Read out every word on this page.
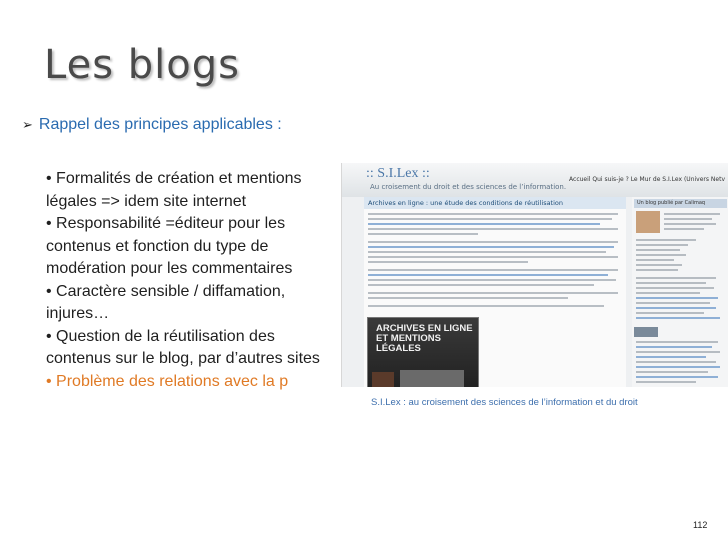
Les blogs
➢ Rappel des principes applicables :

• Formalités de création et mentions légales => idem site internet

• Responsabilité =éditeur pour les contenus et fonction du type de modération pour les commentaires

• Caractère sensible / diffamation, injures…

• Question de la réutilisation des contenus sur le blog, par d’autres sites

• Problème des relations avec la p

:: S.I.Lex ::
Au croisement du droit et des sciences de l’information.
Accueil Qui suis-je ? Le Mur de S.I.Lex (Univers Netv
Archives en ligne : une étude des conditions de réutilisation
ARCHIVES EN LIGNE ET MENTIONS LÉGALES
Un blog publié par Calimaq
S.I.Lex : au croisement des sciences de l’information et du droit
112
